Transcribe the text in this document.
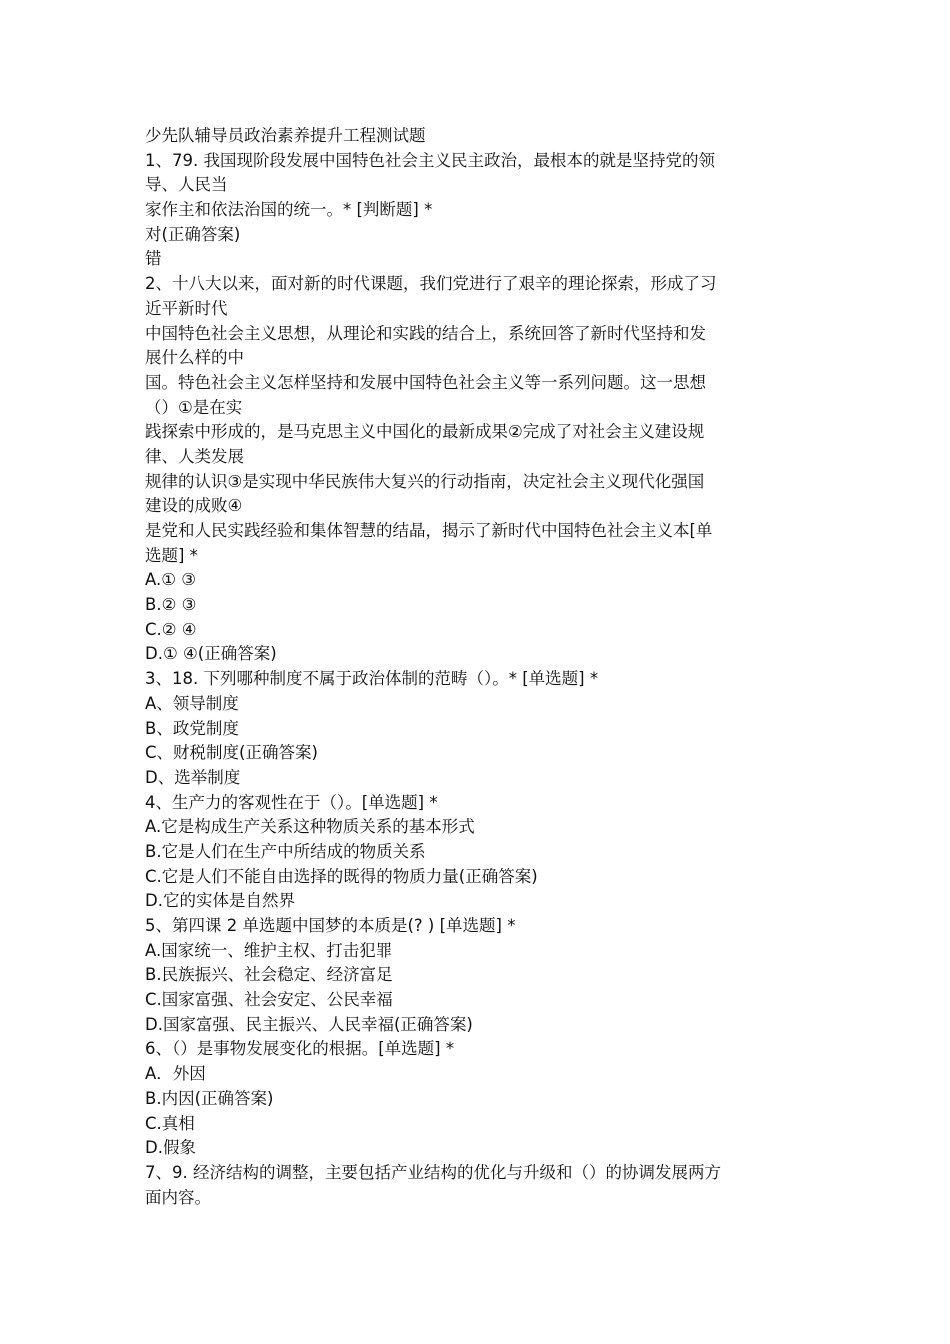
少先队辅导员政治素养提升工程测试题
1、79. 我国现阶段发展中国特色社会主义民主政治，最根本的就是坚持党的领
导、人民当
家作主和依法治国的统一。* [判断题] *
对(正确答案)
错
2、十八大以来，面对新的时代课题，我们党进行了艰辛的理论探索，形成了习
近平新时代
中国特色社会主义思想，从理论和实践的结合上，系统回答了新时代坚持和发
展什么样的中
国。特色社会主义怎样坚持和发展中国特色社会主义等一系列问题。这一思想
（）①是在实
践探索中形成的，是马克思主义中国化的最新成果②完成了对社会主义建设规
律、人类发展
规律的认识③是实现中华民族伟大复兴的行动指南，决定社会主义现代化强国
建设的成败④
是党和人民实践经验和集体智慧的结晶，揭示了新时代中国特色社会主义本[单
选题] *
A.① ③
B.② ③
C.② ④
D.① ④(正确答案)
3、18. 下列哪种制度不属于政治体制的范畴（）。* [单选题] *
A、领导制度
B、政党制度
C、财税制度(正确答案)
D、选举制度
4、生产力的客观性在于（）。[单选题] *
A.它是构成生产关系这种物质关系的基本形式
B.它是人们在生产中所结成的物质关系
C.它是人们不能自由选择的既得的物质力量(正确答案)
D.它的实体是自然界
5、第四课 2 单选题中国梦的本质是(? ) [单选题] *
A.国家统一、维护主权、打击犯罪
B.民族振兴、社会稳定、经济富足
C.国家富强、社会安定、公民幸福
D.国家富强、民主振兴、人民幸福(正确答案)
6、（）是事物发展变化的根据。[单选题] *
A．外因
B.内因(正确答案)
C.真相
D.假象
7、9. 经济结构的调整，主要包括产业结构的优化与升级和（）的协调发展两方
面内容。
